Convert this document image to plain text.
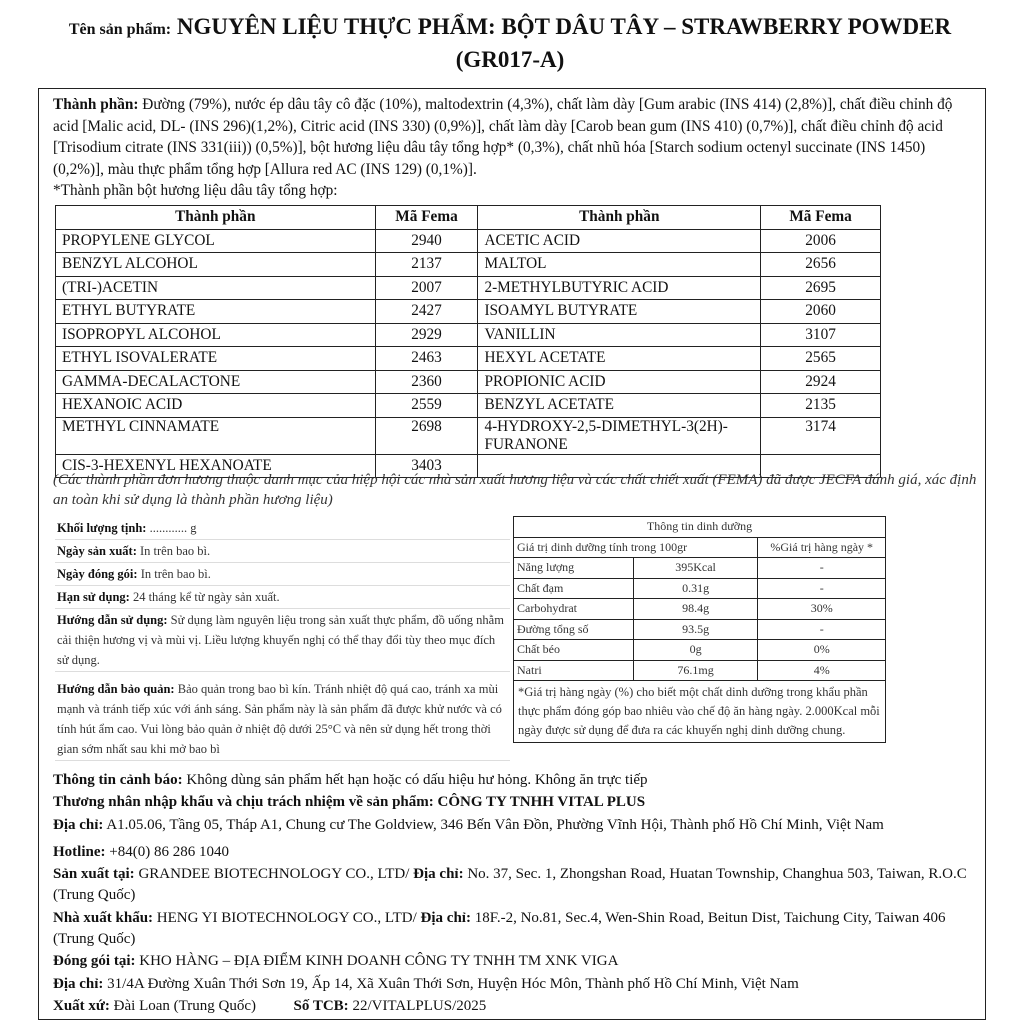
Tên sản phẩm: NGUYÊN LIỆU THỰC PHẨM: BỘT DÂU TÂY – STRAWBERRY POWDER (GR017-A)
Thành phần: Đường (79%), nước ép dâu tây cô đặc (10%), maltodextrin (4,3%), chất làm dày [Gum arabic (INS 414) (2,8%)], chất điều chỉnh độ acid [Malic acid, DL- (INS 296)(1,2%), Citric acid (INS 330) (0,9%)], chất làm dày [Carob bean gum (INS 410) (0,7%)], chất điều chỉnh độ acid [Trisodium citrate (INS 331(iii)) (0,5%)], bột hương liệu dâu tây tổng hợp* (0,3%), chất nhũ hóa [Starch sodium octenyl succinate (INS 1450) (0,2%)], màu thực phẩm tổng hợp [Allura red AC (INS 129) (0,1%)].
*Thành phần bột hương liệu dâu tây tổng hợp:
Thành phần	Mã Fema	Thành phần	Mã Fema
PROPYLENE GLYCOL	2940	ACETIC ACID	2006
BENZYL ALCOHOL	2137	MALTOL	2656
(TRI-)ACETIN	2007	2-METHYLBUTYRIC ACID	2695
ETHYL BUTYRATE	2427	ISOAMYL BUTYRATE	2060
ISOPROPYL ALCOHOL	2929	VANILLIN	3107
ETHYL ISOVALERATE	2463	HEXYL ACETATE	2565
GAMMA-DECALACTONE	2360	PROPIONIC ACID	2924
HEXANOIC ACID	2559	BENZYL ACETATE	2135
METHYL CINNAMATE	2698	4-HYDROXY-2,5-DIMETHYL-3(2H)-FURANONE	3174
CIS-3-HEXENYL HEXANOATE	3403		
(Các thành phần đơn hương thuộc danh mục của hiệp hội các nhà sản xuất hương liệu và các chất chiết xuất (FEMA) đã được JECFA đánh giá, xác định an toàn khi sử dụng là thành phần hương liệu)
Khối lượng tịnh: ............ g
Ngày sản xuất: In trên bao bì.
Ngày đóng gói: In trên bao bì.
Hạn sử dụng: 24 tháng kể từ ngày sản xuất.
Hướng dẫn sử dụng: Sử dụng làm nguyên liệu trong sản xuất thực phẩm, đồ uống nhằm cải thiện hương vị và mùi vị. Liều lượng khuyến nghị có thể thay đổi tùy theo mục đích sử dụng.
Hướng dẫn bảo quản: Bảo quản trong bao bì kín. Tránh nhiệt độ quá cao, tránh xa mùi mạnh và tránh tiếp xúc với ánh sáng. Sản phẩm này là sản phẩm đã được khử nước và có tính hút ẩm cao. Vui lòng bảo quản ở nhiệt độ dưới 25°C và nên sử dụng hết trong thời gian sớm nhất sau khi mở bao bì
Thông tin dinh dưỡng		
Giá trị dinh dưỡng tính trong 100gr		%Giá trị hàng ngày *
Năng lượng	395Kcal	-
Chất đạm	0.31g	-
Carbohydrat	98.4g	30%
Đường tổng số	93.5g	-
Chất béo	0g	0%
Natri	76.1mg	4%
*Giá trị hàng ngày (%) cho biết một chất dinh dưỡng trong khẩu phần thực phẩm đóng góp bao nhiêu vào chế độ ăn hàng ngày. 2.000Kcal mỗi ngày được sử dụng để đưa ra các khuyến nghị dinh dưỡng chung.		

Thông tin cảnh báo: Không dùng sản phẩm hết hạn hoặc có dấu hiệu hư hỏng. Không ăn trực tiếp

Thương nhân nhập khẩu và chịu trách nhiệm về sản phẩm: CÔNG TY TNHH VITAL PLUS

Địa chỉ: A1.05.06, Tầng 05, Tháp A1, Chung cư The Goldview, 346 Bến Vân Đồn, Phường Vĩnh Hội, Thành phố Hồ Chí Minh, Việt Nam

Hotline: +84(0) 86 286 1040

Sản xuất tại: GRANDEE BIOTECHNOLOGY CO., LTD/ Địa chỉ: No. 37, Sec. 1, Zhongshan Road, Huatan Township, Changhua 503, Taiwan, R.O.C (Trung Quốc)

Nhà xuất khẩu: HENG YI BIOTECHNOLOGY CO., LTD/ Địa chỉ: 18F.-2, No.81, Sec.4, Wen-Shin Road, Beitun Dist, Taichung City, Taiwan 406 (Trung Quốc)

Đóng gói tại: KHO HÀNG – ĐỊA ĐIỂM KINH DOANH CÔNG TY TNHH TM XNK VIGA

Địa chỉ: 31/4A Đường Xuân Thới Sơn 19, Ấp 14, Xã Xuân Thới Sơn, Huyện Hóc Môn, Thành phố Hồ Chí Minh, Việt Nam

Xuất xứ: Đài Loan (Trung Quốc)          Số TCB: 22/VITALPLUS/2025
